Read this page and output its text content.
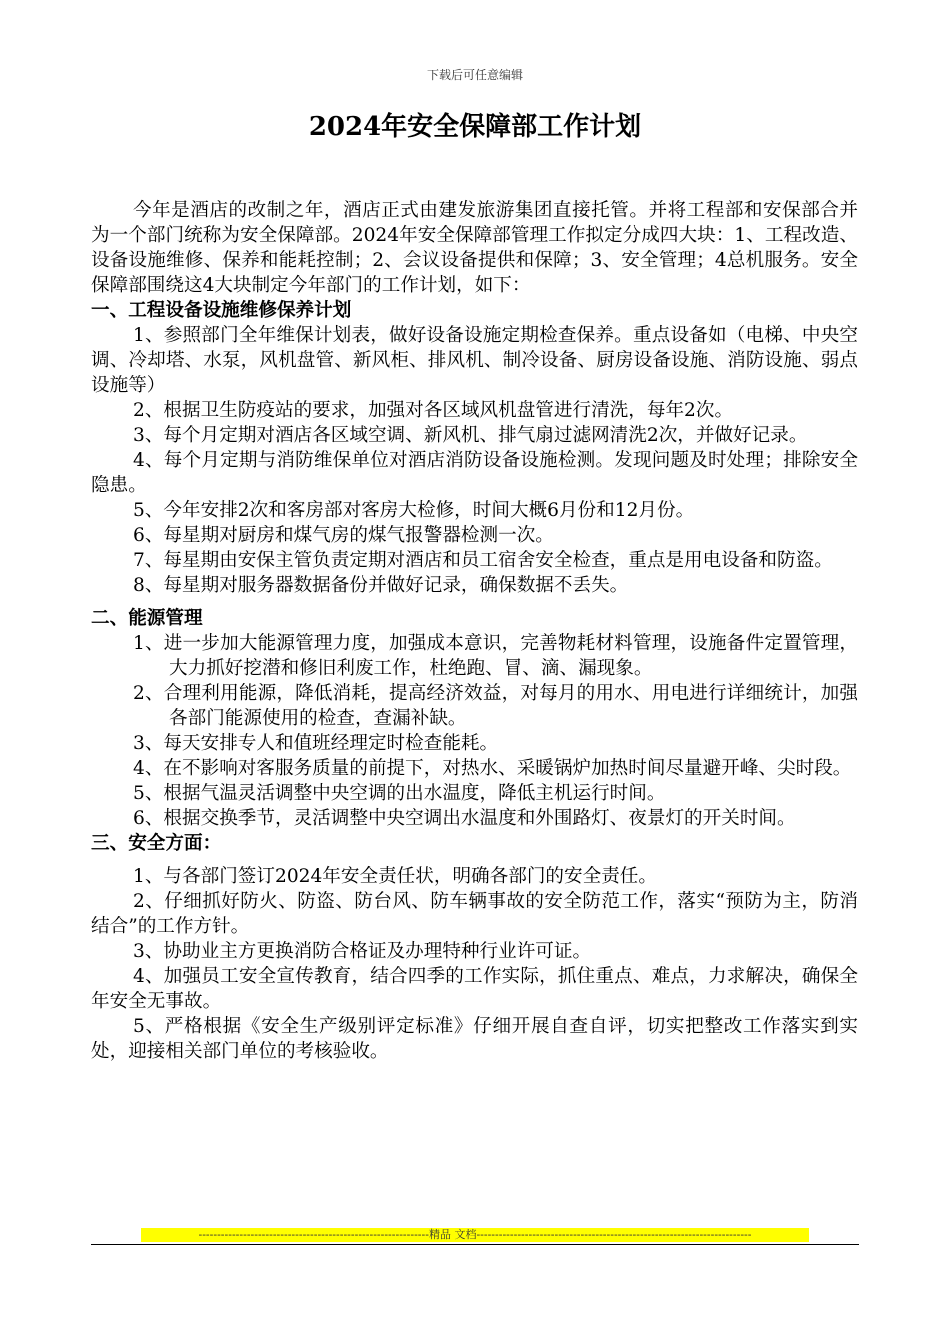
下载后可任意编辑
2024年安全保障部工作计划

今年是酒店的改制之年，酒店正式由建发旅游集团直接托管。并将工程部和安保部合并为一个部门统称为安全保障部。2024年安全保障部管理工作拟定分成四大块：1、工程改造、设备设施维修、保养和能耗控制；2、会议设备提供和保障；3、安全管理；4总机服务。安全保障部围绕这4大块制定今年部门的工作计划，如下：

一、工程设备设施维修保养计划

1、参照部门全年维保计划表，做好设备设施定期检查保养。重点设备如（电梯、中央空调、冷却塔、水泵，风机盘管、新风柜、排风机、制冷设备、厨房设备设施、消防设施、弱点设施等）

2、根据卫生防疫站的要求，加强对各区域风机盘管进行清洗，每年2次。

3、每个月定期对酒店各区域空调、新风机、排气扇过滤网清洗2次，并做好记录。

4、每个月定期与消防维保单位对酒店消防设备设施检测。发现问题及时处理；排除安全隐患。

5、今年安排2次和客房部对客房大检修，时间大概6月份和12月份。

6、每星期对厨房和煤气房的煤气报警器检测一次。

7、每星期由安保主管负责定期对酒店和员工宿舍安全检查，重点是用电设备和防盗。

8、每星期对服务器数据备份并做好记录，确保数据不丢失。

二、能源管理

1、进一步加大能源管理力度，加强成本意识，完善物耗材料管理，设施备件定置管理，大力抓好挖潜和修旧利废工作，杜绝跑、冒、滴、漏现象。

2、合理利用能源，降低消耗，提高经济效益，对每月的用水、用电进行详细统计，加强各部门能源使用的检查，查漏补缺。

3、每天安排专人和值班经理定时检查能耗。

4、在不影响对客服务质量的前提下，对热水、采暖锅炉加热时间尽量避开峰、尖时段。

5、根据气温灵活调整中央空调的出水温度，降低主机运行时间。

6、根据交换季节，灵活调整中央空调出水温度和外围路灯、夜景灯的开关时间。

三、安全方面：

1、与各部门签订2024年安全责任状，明确各部门的安全责任。

2、仔细抓好防火、防盗、防台风、防车辆事故的安全防范工作，落实“预防为主，防消结合”的工作方针。

3、协助业主方更换消防合格证及办理特种行业许可证。

4、加强员工安全宣传教育，结合四季的工作实际，抓住重点、难点，力求解决，确保全年安全无事故。

5、严格根据《安全生产级别评定标准》仔细开展自查自评，切实把整改工作落实到实处，迎接相关部门单位的考核验收。

--------------------------------------------------------------精品 文档--------------------------------------------------------------------------
